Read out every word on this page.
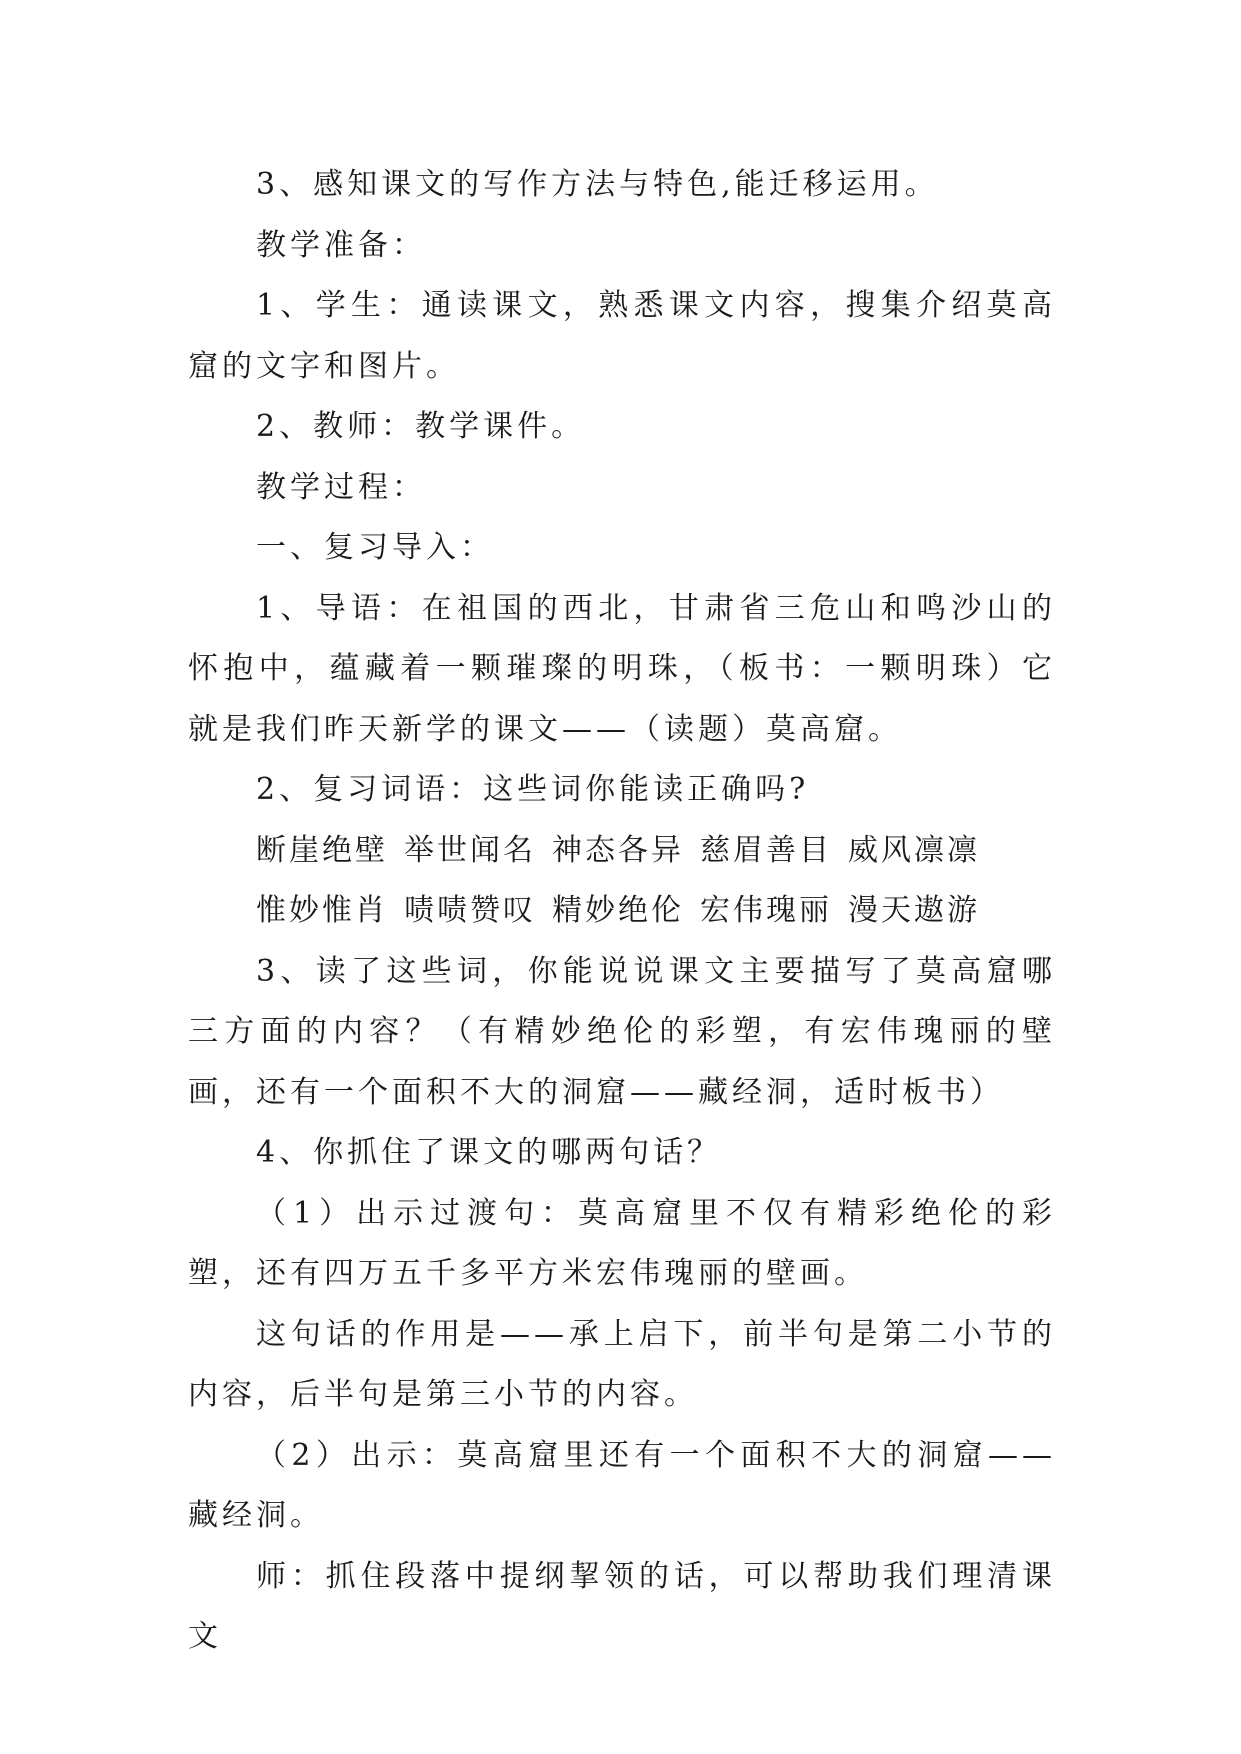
3、感知课文的写作方法与特色,能迁移运用。

教学准备：

1、学生：通读课文，熟悉课文内容，搜集介绍莫高窟的文字和图片。

2、教师：教学课件。

教学过程：

一、复习导入：

1、导语：在祖国的西北，甘肃省三危山和鸣沙山的怀抱中，蕴藏着一颗璀璨的明珠，（板书：一颗明珠）它就是我们昨天新学的课文——（读题）莫高窟。

2、复习词语：这些词你能读正确吗?

断崖绝壁 举世闻名 神态各异 慈眉善目 威风凛凛

惟妙惟肖 啧啧赞叹 精妙绝伦 宏伟瑰丽 漫天遨游

3、读了这些词，你能说说课文主要描写了莫高窟哪三方面的内容？（有精妙绝伦的彩塑，有宏伟瑰丽的壁画，还有一个面积不大的洞窟——藏经洞，适时板书）

4、你抓住了课文的哪两句话？

（1）出示过渡句：莫高窟里不仅有精彩绝伦的彩塑，还有四万五千多平方米宏伟瑰丽的壁画。

这句话的作用是——承上启下，前半句是第二小节的内容，后半句是第三小节的内容。

（2）出示：莫高窟里还有一个面积不大的洞窟——藏经洞。

师：抓住段落中提纲挈领的话，可以帮助我们理清课文
